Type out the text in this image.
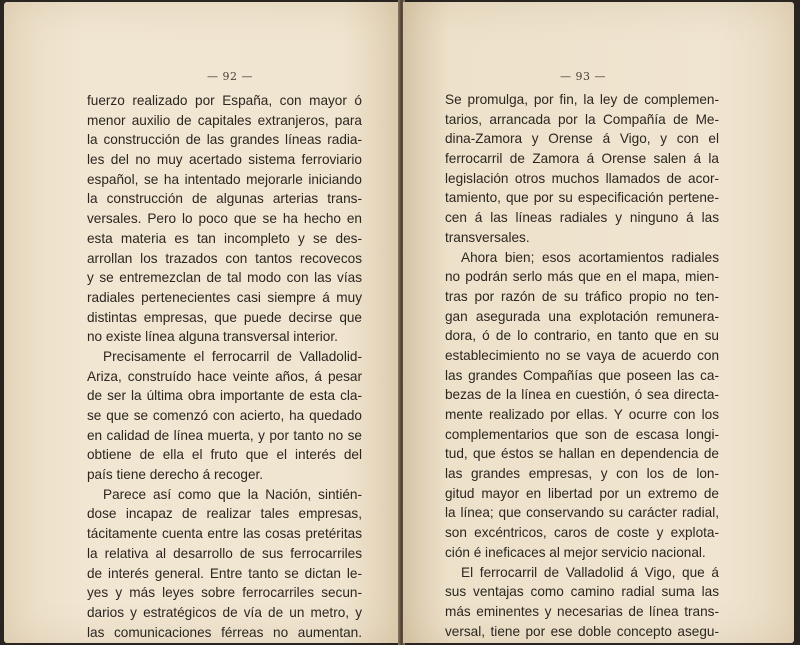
— 92 —
fuerzo realizado por España, con mayor ó
menor auxilio de capitales extranjeros, para
la construcción de las grandes líneas radia-
les del no muy acertado sistema ferroviario
español, se ha intentado mejorarle iniciando
la construcción de algunas arterias trans-
versales. Pero lo poco que se ha hecho en
esta materia es tan incompleto y se des-
arrollan los trazados con tantos recovecos
y se entremezclan de tal modo con las vías
radiales pertenecientes casi siempre á muy
distintas empresas, que puede decirse que
no existe línea alguna transversal interior.
Precisamente el ferrocarril de Valladolid-
Ariza, construído hace veinte años, á pesar
de ser la última obra importante de esta cla-
se que se comenzó con acierto, ha quedado
en calidad de línea muerta, y por tanto no se
obtiene de ella el fruto que el interés del
país tiene derecho á recoger.
Parece así como que la Nación, sintién-
dose incapaz de realizar tales empresas,
tácitamente cuenta entre las cosas pretéritas
la relativa al desarrollo de sus ferrocarriles
de interés general. Entre tanto se dictan le-
yes y más leyes sobre ferrocarriles secun-
darios y estratégicos de vía de un metro, y
las comunicaciones férreas no aumentan.
— 93 —
Se promulga, por fin, la ley de complemen-
tarios, arrancada por la Compañía de Me-
dina-Zamora y Orense á Vigo, y con el
ferrocarril de Zamora á Orense salen á la
legislación otros muchos llamados de acor-
tamiento, que por su especificación pertene-
cen á las líneas radiales y ninguno á las
transversales.
Ahora bien; esos acortamientos radiales
no podrán serlo más que en el mapa, mien-
tras por razón de su tráfico propio no ten-
gan asegurada una explotación remunera-
dora, ó de lo contrario, en tanto que en su
establecimiento no se vaya de acuerdo con
las grandes Compañías que poseen las ca-
bezas de la línea en cuestión, ó sea directa-
mente realizado por ellas. Y ocurre con los
complementarios que son de escasa longi-
tud, que éstos se hallan en dependencia de
las grandes empresas, y con los de lon-
gitud mayor en libertad por un extremo de
la línea; que conservando su carácter radial,
son excéntricos, caros de coste y explota-
ción é ineficaces al mejor servicio nacional.
El ferrocarril de Valladolid á Vigo, que á
sus ventajas como camino radial suma las
más eminentes y necesarias de línea trans-
versal, tiene por ese doble concepto asegu-
